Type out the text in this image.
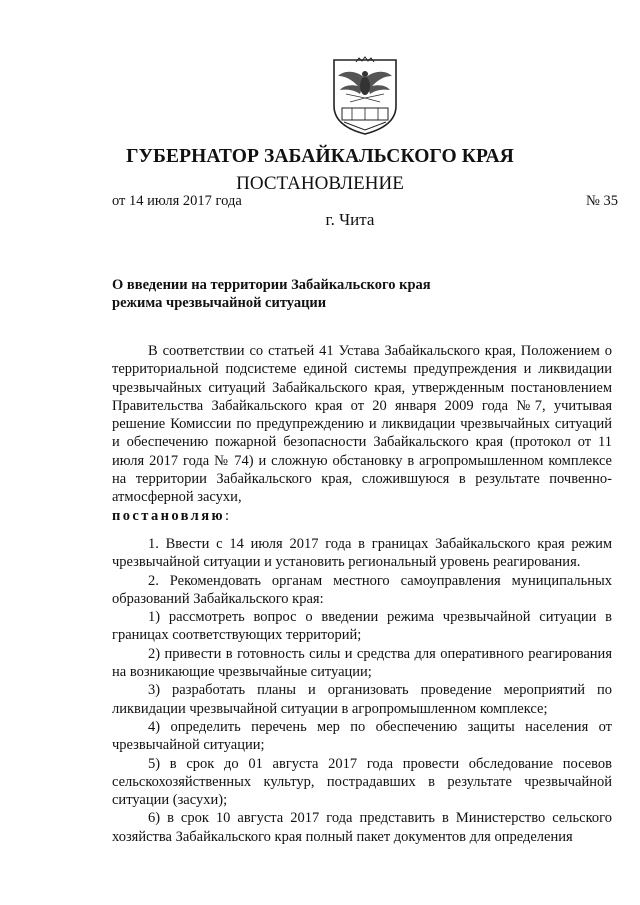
ГУБЕРНАТОР ЗАБАЙКАЛЬСКОГО КРАЯ
ПОСТАНОВЛЕНИЕ
от 14 июля 2017 года	№ 35
г. Чита
О введении на территории Забайкальского края
режима чрезвычайной ситуации

В соответствии со статьей 41 Устава Забайкальского края, Положением о территориальной подсистеме единой системы предупреждения и ликвидации чрезвычайных ситуаций Забайкальского края, утвержденным постановлением Правительства Забайкальского края от 20 января 2009 года №7, учитывая решение Комиссии по предупреждению и ликвидации чрезвычайных ситуаций и обеспечению пожарной безопасности Забайкальского края (протокол от 11 июля 2017 года № 74) и сложную обстановку в агропромышленном комплексе на территории Забайкальского края, сложившуюся в результате почвенно-атмосферной засухи,

постановляю:

1. Ввести с 14 июля 2017 года в границах Забайкальского края режим чрезвычайной ситуации и установить региональный уровень реагирования.

2. Рекомендовать органам местного самоуправления муниципальных образований Забайкальского края:

1) рассмотреть вопрос о введении режима чрезвычайной ситуации в границах соответствующих территорий;

2) привести в готовность силы и средства для оперативного реагирования на возникающие чрезвычайные ситуации;

3) разработать планы и организовать проведение мероприятий по ликвидации чрезвычайной ситуации в агропромышленном комплексе;

4) определить перечень мер по обеспечению защиты населения от чрезвычайной ситуации;

5) в срок до 01 августа 2017 года провести обследование посевов сельскохозяйственных культур, пострадавших в результате чрезвычайной ситуации (засухи);

6) в срок 10 августа 2017 года представить в Министерство сельского хозяйства Забайкальского края полный пакет документов для определения
